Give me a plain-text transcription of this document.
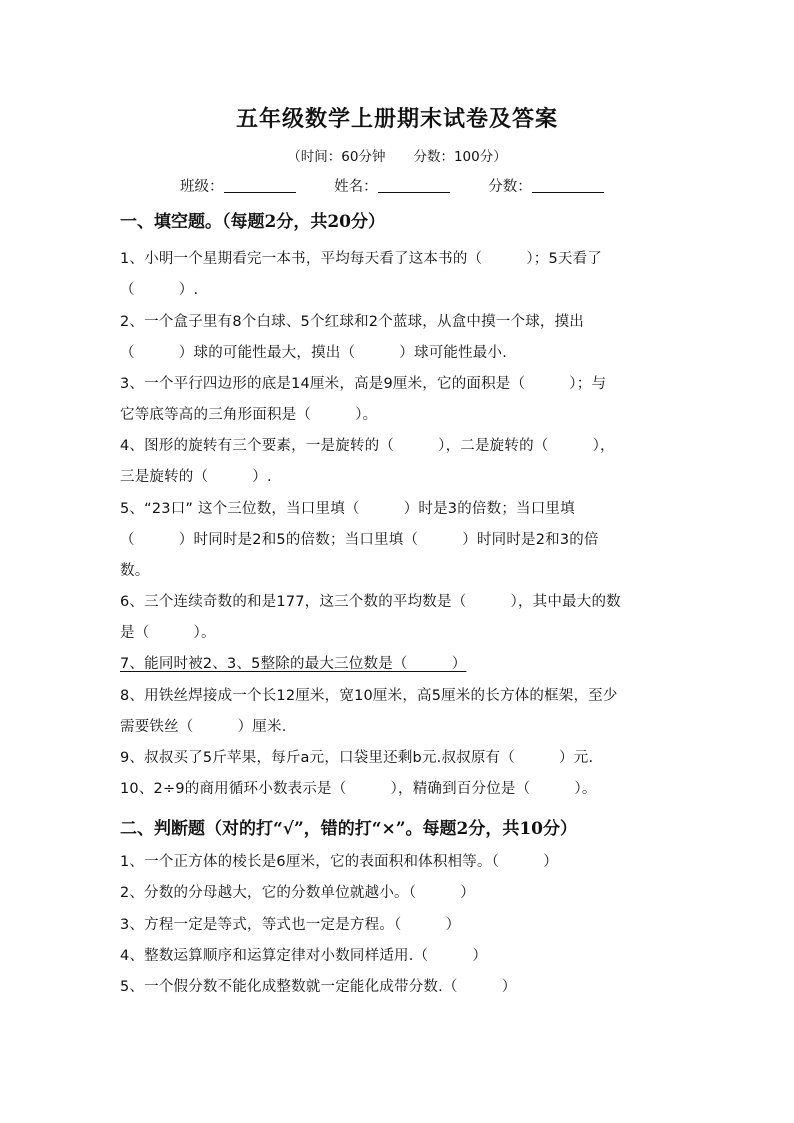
五年级数学上册期末试卷及答案
（时间：60分钟 分数：100分）
班级：	姓名：	分数：
一、填空题。（每题2分，共20分）
1、小明一个星期看完一本书，平均每天看了这本书的（　　　）；5天看了
（　　　）.
2、一个盒子里有8个白球、5个红球和2个蓝球，从盒中摸一个球，摸出
（　　　）球的可能性最大，摸出（　　　）球可能性最小.
3、一个平行四边形的底是14厘米，高是9厘米，它的面积是（　　　）；与
它等底等高的三角形面积是（　　　）。
4、图形的旋转有三个要素，一是旋转的（　　　），二是旋转的（　　　），
三是旋转的（　　　）.
5、“23口” 这个三位数，当口里填（　　　）时是3的倍数；当口里填
（　　　）时同时是2和5的倍数；当口里填（　　　）时同时是2和3的倍
数。
6、三个连续奇数的和是177，这三个数的平均数是（　　　），其中最大的数
是（　　　）。
7、能同时被2、3、5整除的最大三位数是（　　　）
8、用铁丝焊接成一个长12厘米，宽10厘米，高5厘米的长方体的框架，至少
需要铁丝（　　　）厘米.
9、叔叔买了5斤苹果，每斤a元，口袋里还剩b元.叔叔原有（　　　）元.
10、2÷9的商用循环小数表示是（　　　），精确到百分位是（　　　）。
二、判断题（对的打“√”，错的打“×”。每题2分，共10分）
1、一个正方体的棱长是6厘米，它的表面积和体积相等。（　　　）
2、分数的分母越大，它的分数单位就越小。（　　　）
3、方程一定是等式，等式也一定是方程。（　　　）
4、整数运算顺序和运算定律对小数同样适用.（　　　）
5、一个假分数不能化成整数就一定能化成带分数.（　　　）
